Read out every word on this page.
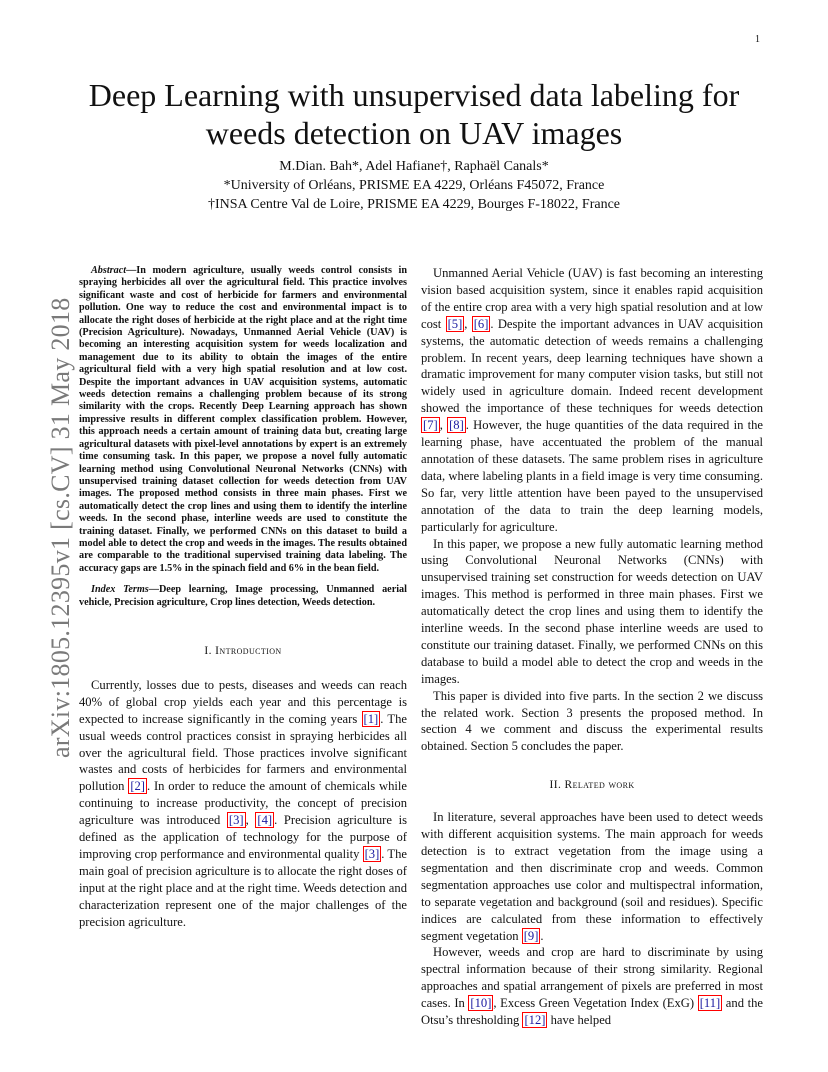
1
arXiv:1805.12395v1 [cs.CV] 31 May 2018
Deep Learning with unsupervised data labeling for weeds detection on UAV images
M.Dian. Bah*, Adel Hafiane†, Raphaël Canals*
*University of Orléans, PRISME EA 4229, Orléans F45072, France
†INSA Centre Val de Loire, PRISME EA 4229, Bourges F-18022, France

Abstract—In modern agriculture, usually weeds control consists in spraying herbicides all over the agricultural field. This practice involves significant waste and cost of herbicide for farmers and environmental pollution. One way to reduce the cost and environmental impact is to allocate the right doses of herbicide at the right place and at the right time (Precision Agriculture). Nowadays, Unmanned Aerial Vehicle (UAV) is becoming an interesting acquisition system for weeds localization and management due to its ability to obtain the images of the entire agricultural field with a very high spatial resolution and at low cost. Despite the important advances in UAV acquisition systems, automatic weeds detection remains a challenging problem because of its strong similarity with the crops. Recently Deep Learning approach has shown impressive results in different complex classification problem. However, this approach needs a certain amount of training data but, creating large agricultural datasets with pixel-level annotations by expert is an extremely time consuming task. In this paper, we propose a novel fully automatic learning method using Convolutional Neuronal Networks (CNNs) with unsupervised training dataset collection for weeds detection from UAV images. The proposed method consists in three main phases. First we automatically detect the crop lines and using them to identify the interline weeds. In the second phase, interline weeds are used to constitute the training dataset. Finally, we performed CNNs on this dataset to build a model able to detect the crop and weeds in the images. The results obtained are comparable to the traditional supervised training data labeling. The accuracy gaps are 1.5% in the spinach field and 6% in the bean field.

Index Terms—Deep learning, Image processing, Unmanned aerial vehicle, Precision agriculture, Crop lines detection, Weeds detection.

I. Introduction

Currently, losses due to pests, diseases and weeds can reach 40% of global crop yields each year and this percentage is expected to increase significantly in the coming years [1] . The usual weeds control practices consist in spraying herbicides all over the agricultural field. Those practices involve significant wastes and costs of herbicides for farmers and environmental pollution [2] . In order to reduce the amount of chemicals while continuing to increase productivity, the concept of precision agriculture was introduced [3] , [4] . Precision agriculture is defined as the application of technology for the purpose of improving crop performance and environmental quality [3] . The main goal of precision agriculture is to allocate the right doses of input at the right place and at the right time. Weeds detection and characterization represent one of the major challenges of the precision agriculture.

Unmanned Aerial Vehicle (UAV) is fast becoming an interesting vision based acquisition system, since it enables rapid acquisition of the entire crop area with a very high spatial resolution and at low cost [5] , [6] . Despite the important advances in UAV acquisition systems, the automatic detection of weeds remains a challenging problem. In recent years, deep learning techniques have shown a dramatic improvement for many computer vision tasks, but still not widely used in agriculture domain. Indeed recent development showed the importance of these techniques for weeds detection [7] , [8] . However, the huge quantities of the data required in the learning phase, have accentuated the problem of the manual annotation of these datasets. The same problem rises in agriculture data, where labeling plants in a field image is very time consuming. So far, very little attention have been payed to the unsupervised annotation of the data to train the deep learning models, particularly for agriculture.

In this paper, we propose a new fully automatic learning method using Convolutional Neuronal Networks (CNNs) with unsupervised training set construction for weeds detection on UAV images. This method is performed in three main phases. First we automatically detect the crop lines and using them to identify the interline weeds. In the second phase interline weeds are used to constitute our training dataset. Finally, we performed CNNs on this database to build a model able to detect the crop and weeds in the images.

This paper is divided into five parts. In the section 2 we discuss the related work. Section 3 presents the proposed method. In section 4 we comment and discuss the experimental results obtained. Section 5 concludes the paper.

II. Related work

In literature, several approaches have been used to detect weeds with different acquisition systems. The main approach for weeds detection is to extract vegetation from the image using a segmentation and then discriminate crop and weeds. Common segmentation approaches use color and multispectral information, to separate vegetation and background (soil and residues). Specific indices are calculated from these information to effectively segment vegetation [9] .

However, weeds and crop are hard to discriminate by using spectral information because of their strong similarity. Regional approaches and spatial arrangement of pixels are preferred in most cases. In [10] , Excess Green Vegetation Index (ExG) [11] and the Otsu’s thresholding [12] have helped
